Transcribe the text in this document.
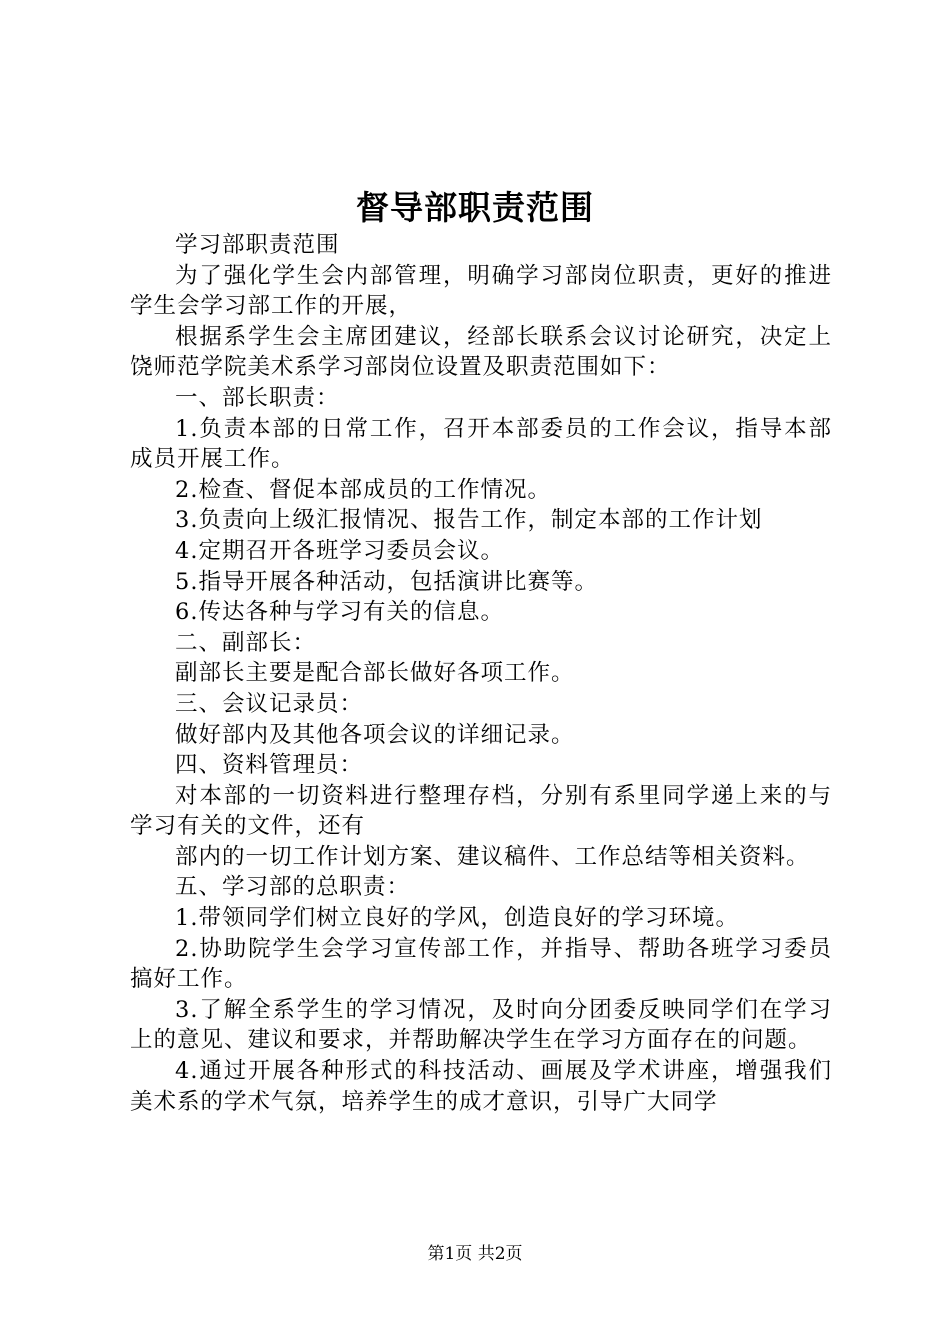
督导部职责范围

学习部职责范围

为了强化学生会内部管理，明确学习部岗位职责，更好的推进学生会学习部工作的开展，

根据系学生会主席团建议，经部长联系会议讨论研究，决定上饶师范学院美术系学习部岗位设置及职责范围如下：

一、部长职责：

1.负责本部的日常工作，召开本部委员的工作会议，指导本部成员开展工作。

2.检查、督促本部成员的工作情况。

3.负责向上级汇报情况、报告工作，制定本部的工作计划

4.定期召开各班学习委员会议。

5.指导开展各种活动，包括演讲比赛等。

6.传达各种与学习有关的信息。

二、副部长：

副部长主要是配合部长做好各项工作。

三、会议记录员：

做好部内及其他各项会议的详细记录。

四、资料管理员：

对本部的一切资料进行整理存档，分别有系里同学递上来的与学习有关的文件，还有

部内的一切工作计划方案、建议稿件、工作总结等相关资料。

五、学习部的总职责：

1.带领同学们树立良好的学风，创造良好的学习环境。

2.协助院学生会学习宣传部工作，并指导、帮助各班学习委员搞好工作。

3.了解全系学生的学习情况，及时向分团委反映同学们在学习上的意见、建议和要求，并帮助解决学生在学习方面存在的问题。

4.通过开展各种形式的科技活动、画展及学术讲座，增强我们美术系的学术气氛，培养学生的成才意识，引导广大同学

第1页 共2页
